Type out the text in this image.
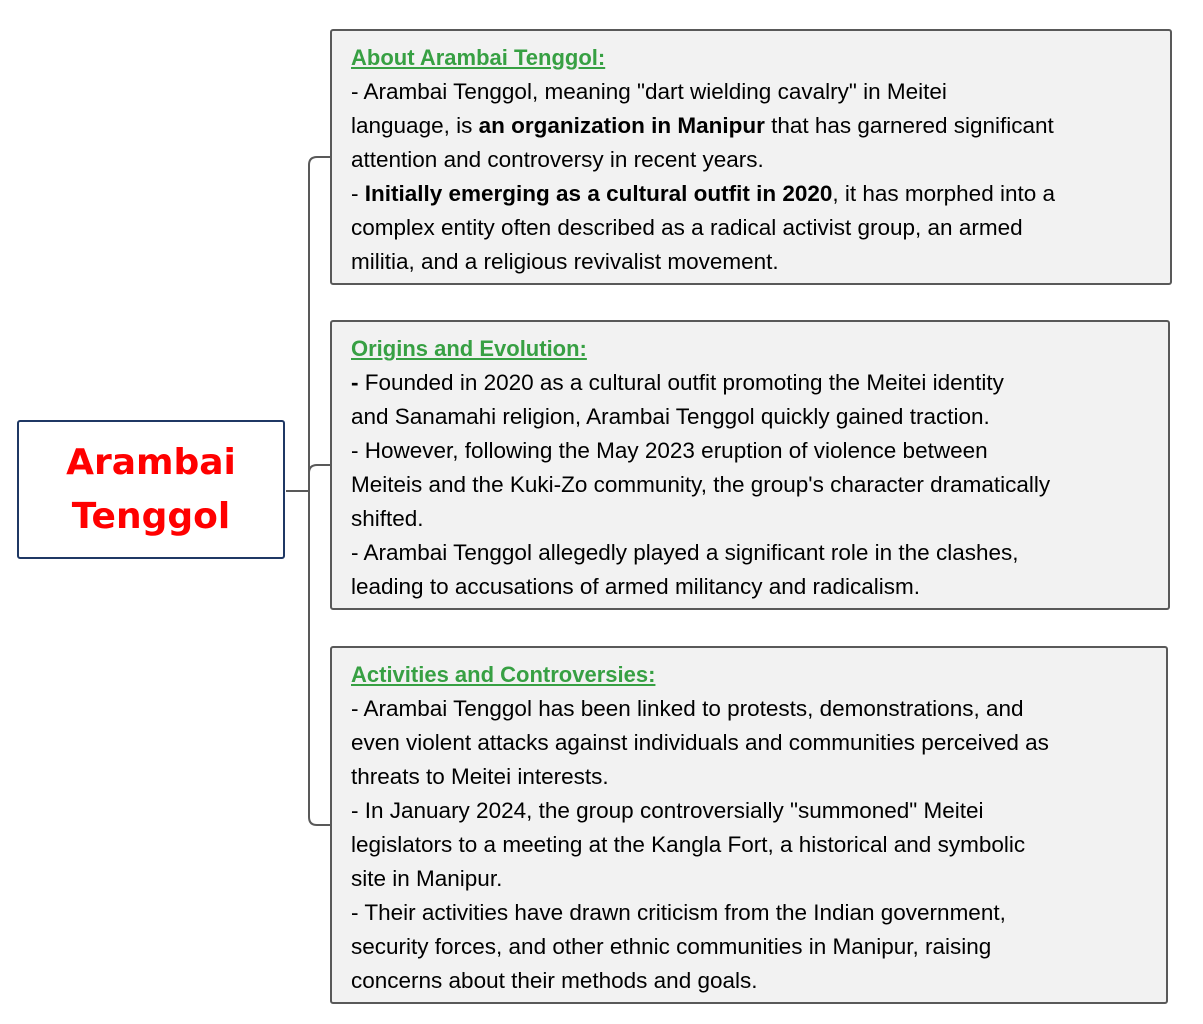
Arambai
Tenggol

About Arambai Tenggol:

- Arambai Tenggol, meaning "dart wielding cavalry" in Meitei

language, is an organization in Manipur that has garnered significant

attention and controversy in recent years.

- Initially emerging as a cultural outfit in 2020, it has morphed into a

complex entity often described as a radical activist group, an armed

militia, and a religious revivalist movement.

Origins and Evolution:

- Founded in 2020 as a cultural outfit promoting the Meitei identity

and Sanamahi religion, Arambai Tenggol quickly gained traction.

- However, following the May 2023 eruption of violence between

Meiteis and the Kuki-Zo community, the group's character dramatically

shifted.

- Arambai Tenggol allegedly played a significant role in the clashes,

leading to accusations of armed militancy and radicalism.

Activities and Controversies:

- Arambai Tenggol has been linked to protests, demonstrations, and

even violent attacks against individuals and communities perceived as

threats to Meitei interests.

- In January 2024, the group controversially "summoned" Meitei

legislators to a meeting at the Kangla Fort, a historical and symbolic

site in Manipur.

- Their activities have drawn criticism from the Indian government,

security forces, and other ethnic communities in Manipur, raising

concerns about their methods and goals.
